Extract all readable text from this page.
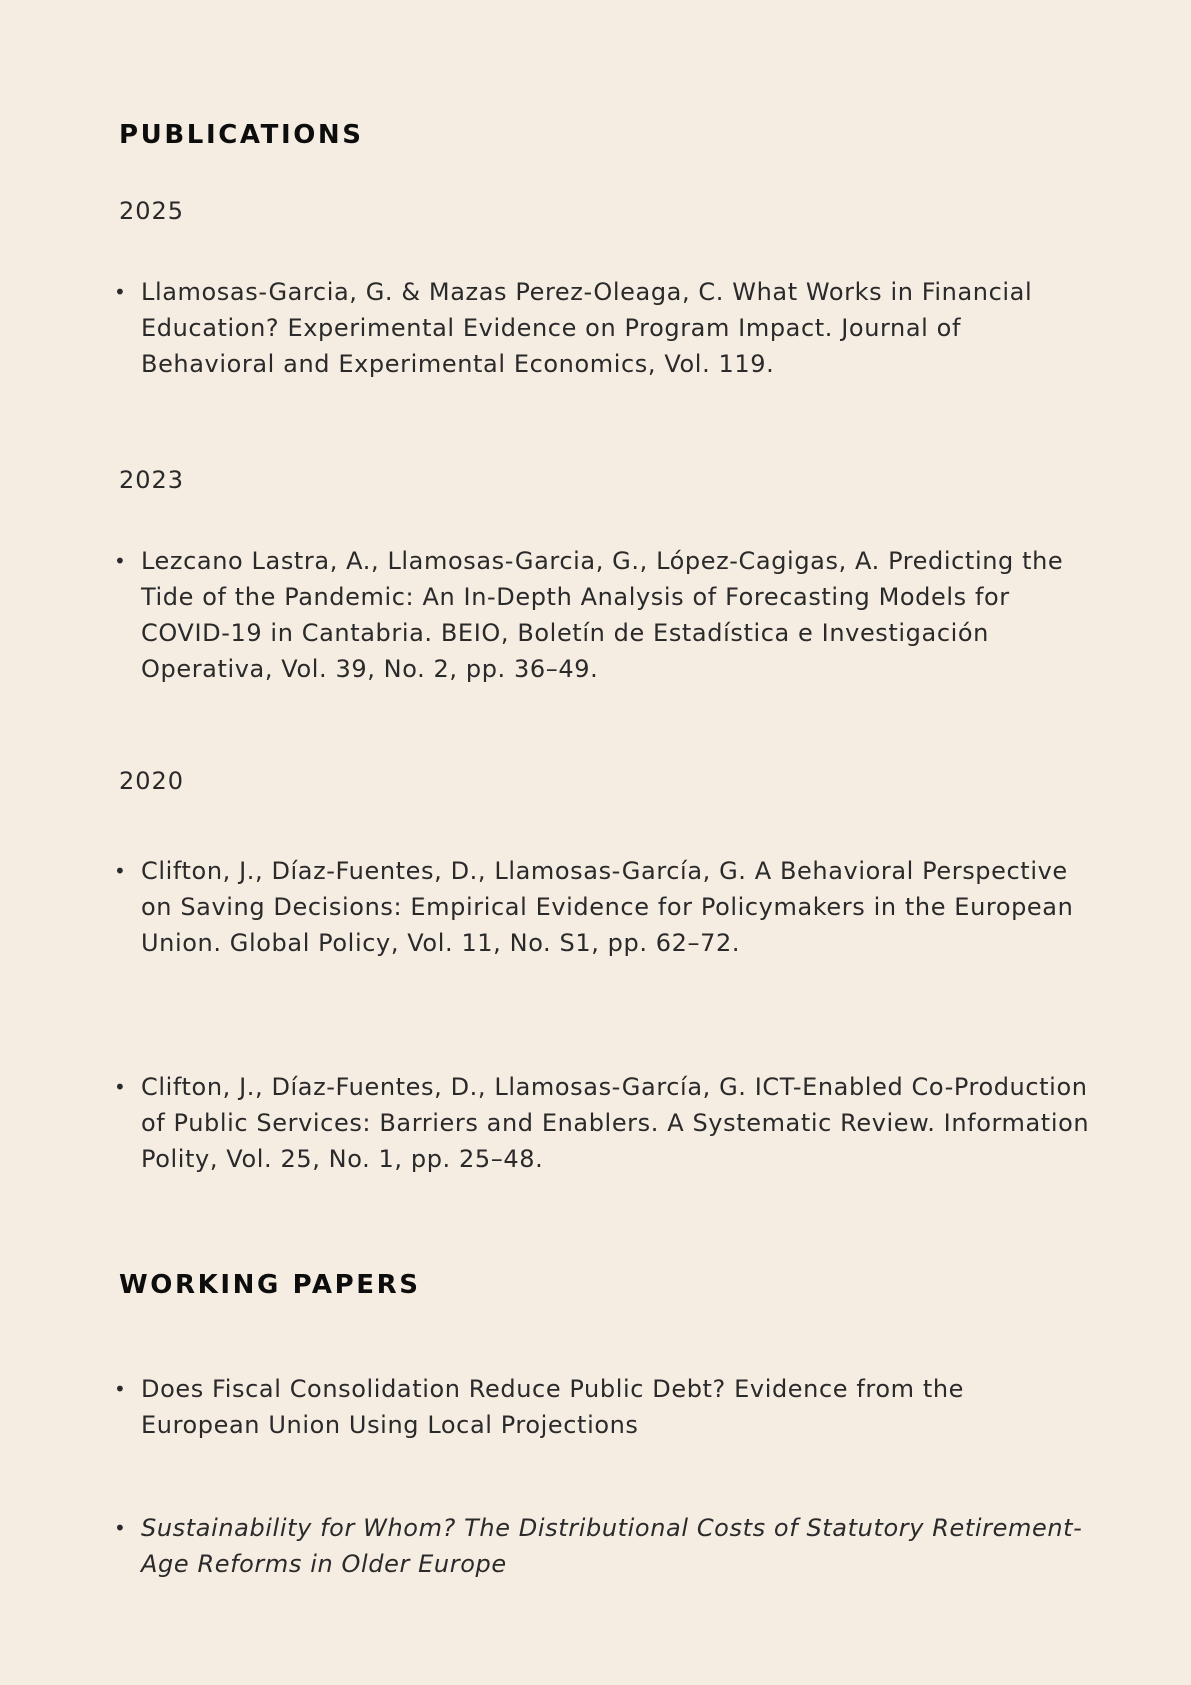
PUBLICATIONS
2025
• Llamosas-Garcia, G. & Mazas Perez-Oleaga, C. What Works in Financial Education? Experimental Evidence on Program Impact. Journal of Behavioral and Experimental Economics, Vol. 119.
2023
• Lezcano Lastra, A., Llamosas-Garcia, G., López-Cagigas, A. Predicting the Tide of the Pandemic: An In-Depth Analysis of Forecasting Models for COVID-19 in Cantabria. BEIO, Boletín de Estadística e Investigación Operativa, Vol. 39, No. 2, pp. 36–49.
2020
• Clifton, J., Díaz-Fuentes, D., Llamosas-García, G. A Behavioral Perspective on Saving Decisions: Empirical Evidence for Policymakers in the European Union. Global Policy, Vol. 11, No. S1, pp. 62–72.
• Clifton, J., Díaz-Fuentes, D., Llamosas-García, G. ICT-Enabled Co-Production of Public Services: Barriers and Enablers. A Systematic Review. Information Polity, Vol. 25, No. 1, pp. 25–48.
WORKING PAPERS
• Does Fiscal Consolidation Reduce Public Debt? Evidence from the European Union Using Local Projections
• Sustainability for Whom? The Distributional Costs of Statutory Retirement-Age Reforms in Older Europe
